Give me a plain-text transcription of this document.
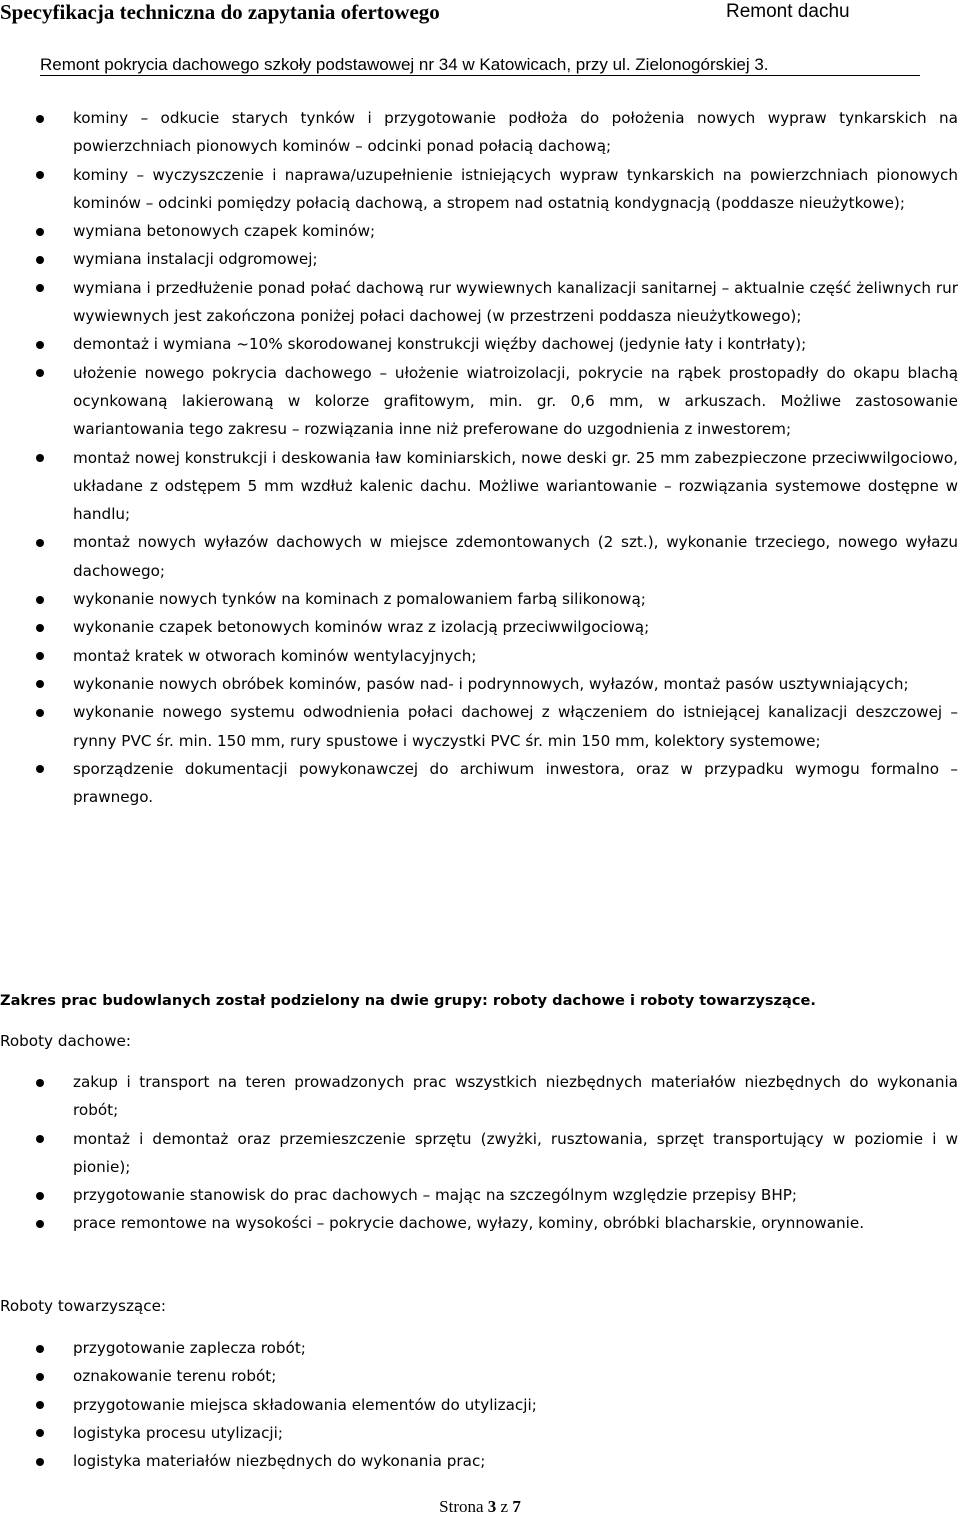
Specyfikacja techniczna do zapytania ofertowego	Remont dachu
Remont pokrycia dachowego szkoły podstawowej nr 34 w Katowicach, przy ul. Zielonogórskiej 3.
kominy – odkucie starych tynków i przygotowanie podłoża do położenia nowych wypraw tynkarskich na powierzchniach pionowych kominów – odcinki ponad połacią dachową;
kominy – wyczyszczenie i naprawa/uzupełnienie istniejących wypraw tynkarskich na powierzchniach pionowych kominów – odcinki pomiędzy połacią dachową, a stropem nad ostatnią kondygnacją (poddasze nieużytkowe);
wymiana betonowych czapek kominów;
wymiana instalacji odgromowej;
wymiana i przedłużenie ponad połać dachową rur wywiewnych kanalizacji sanitarnej – aktualnie część żeliwnych rur wywiewnych jest zakończona poniżej połaci dachowej (w przestrzeni poddasza nieużytkowego);
demontaż i wymiana ~10% skorodowanej konstrukcji więźby dachowej (jedynie łaty i kontrłaty);
ułożenie nowego pokrycia dachowego – ułożenie wiatroizolacji, pokrycie na rąbek prostopadły do okapu blachą ocynkowaną lakierowaną w kolorze grafitowym, min. gr. 0,6 mm, w arkuszach. Możliwe zastosowanie wariantowania tego zakresu – rozwiązania inne niż preferowane do uzgodnienia z inwestorem;
montaż nowej konstrukcji i deskowania ław kominiarskich, nowe deski gr. 25 mm zabezpieczone przeciwwilgociowo, układane z odstępem 5 mm wzdłuż kalenic dachu. Możliwe wariantowanie – rozwiązania systemowe dostępne w handlu;
montaż nowych wyłazów dachowych w miejsce zdemontowanych (2 szt.), wykonanie trzeciego, nowego wyłazu dachowego;
wykonanie nowych tynków na kominach z pomalowaniem farbą silikonową;
wykonanie czapek betonowych kominów wraz z izolacją przeciwwilgociową;
montaż kratek w otworach kominów wentylacyjnych;
wykonanie nowych obróbek kominów, pasów nad- i podrynnowych, wyłazów, montaż pasów usztywniających;
wykonanie nowego systemu odwodnienia połaci dachowej z włączeniem do istniejącej kanalizacji deszczowej – rynny PVC śr. min. 150 mm, rury spustowe i wyczystki PVC śr. min 150 mm, kolektory systemowe;
sporządzenie dokumentacji powykonawczej do archiwum inwestora, oraz w przypadku wymogu formalno – prawnego.

Zakres prac budowlanych został podzielony na dwie grupy: roboty dachowe i roboty towarzyszące.

Roboty dachowe:

zakup i transport na teren prowadzonych prac wszystkich niezbędnych materiałów niezbędnych do wykonania robót;
montaż i demontaż oraz przemieszczenie sprzętu (zwyżki, rusztowania, sprzęt transportujący w poziomie i w pionie);
przygotowanie stanowisk do prac dachowych – mając na szczególnym względzie przepisy BHP;
prace remontowe na wysokości – pokrycie dachowe, wyłazy, kominy, obróbki blacharskie, orynnowanie.

Roboty towarzyszące:

przygotowanie zaplecza robót;
oznakowanie terenu robót;
przygotowanie miejsca składowania elementów do utylizacji;
logistyka procesu utylizacji;
logistyka materiałów niezbędnych do wykonania prac;
Strona 3 z 7
